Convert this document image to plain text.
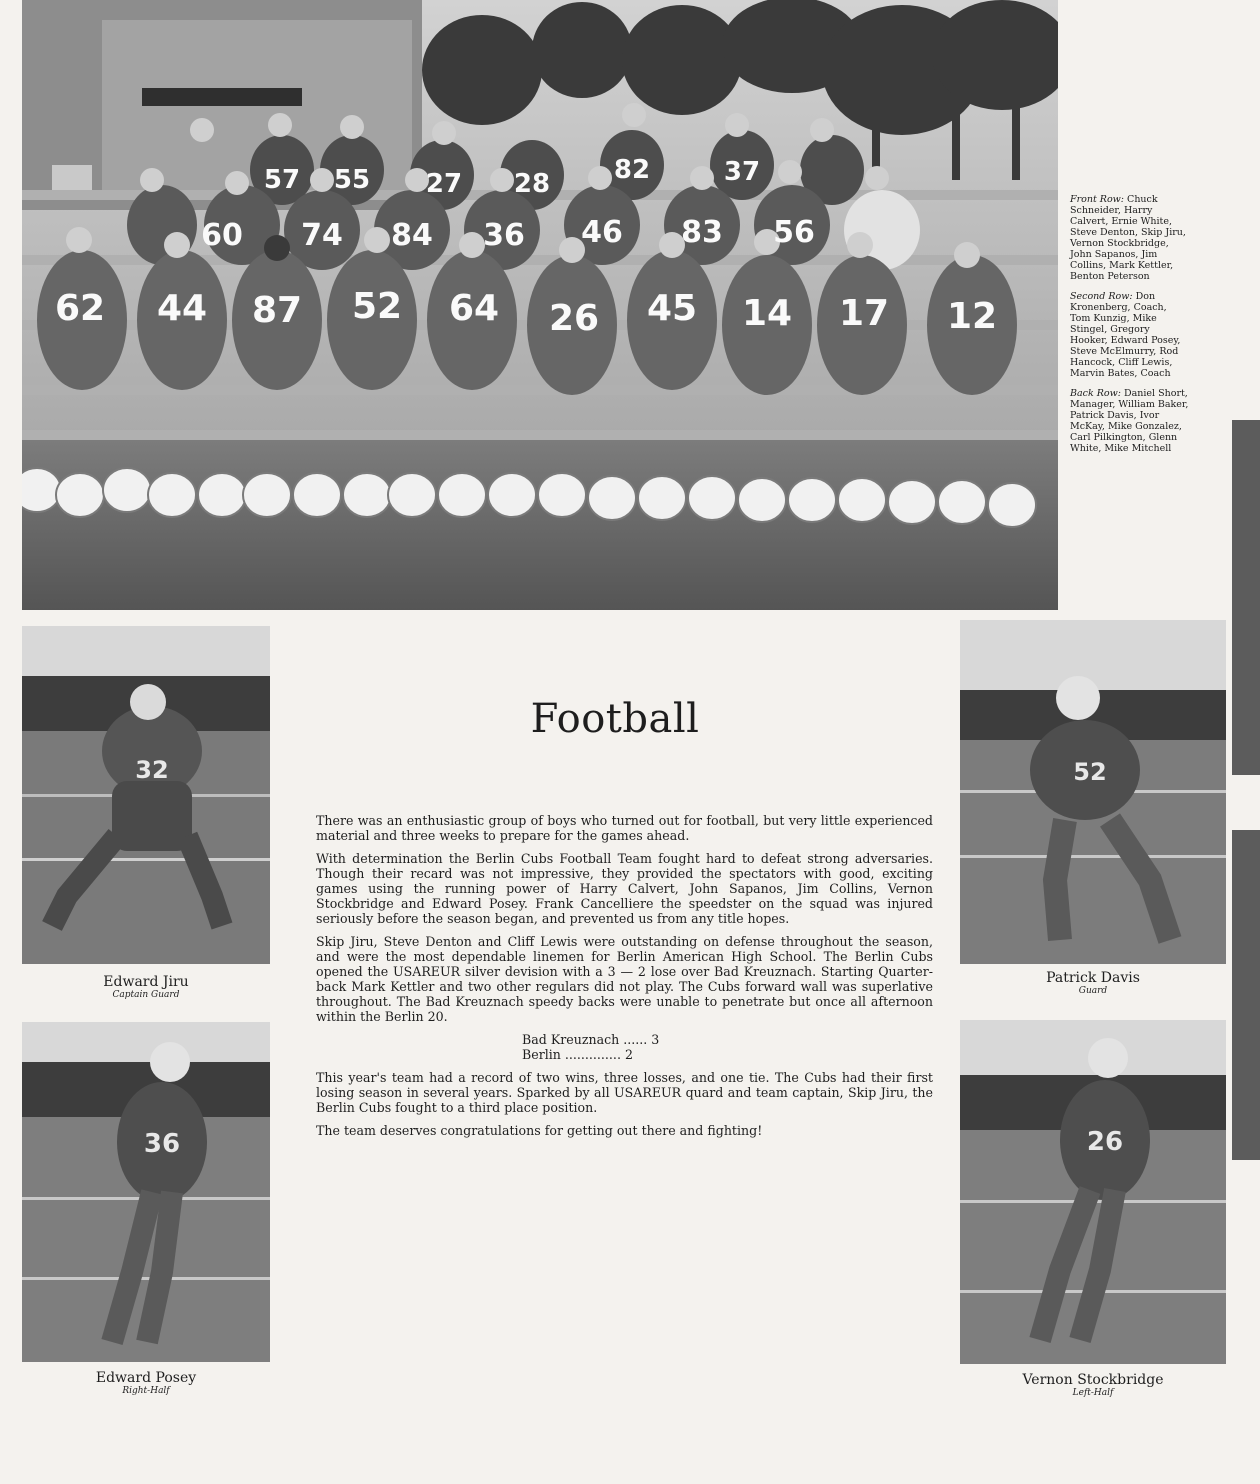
57 55 27 28 82	37
60 74 84 36 46 83 56
62 44 87 52 64 26 45 14 17 12

Front Row: Chuck Schneider, Harry Calvert, Ernie White, Steve Denton, Skip Jiru, Vernon Stockbridge, John Sapanos, Jim Collins, Mark Kettler, Benton Peterson

Second Row: Don Kronenberg, Coach, Tom Kunzig, Mike Stingel, Gregory Hooker, Edward Posey, Steve McElmurry, Rod Hancock, Cliff Lewis, Marvin Bates, Coach

Back Row: Daniel Short, Manager, William Baker, Patrick Davis, Ivor McKay, Mike Gonzalez, Carl Pilkington, Glenn White, Mike Mitchell

Football

There was an enthusiastic group of boys who turned out for football, but very little experienced material and three weeks to prepare for the games ahead.

With determination the Berlin Cubs Football Team fought hard to defeat strong adversaries. Though their recard was not impressive, they provided the spectators with good, exciting games using the running power of Harry Calvert, John Sapanos, Jim Collins, Vernon Stockbridge and Edward Posey. Frank Cancelliere the speedster on the squad was injured seriously before the season began, and prevented us from any title hopes.

Skip Jiru, Steve Denton and Cliff Lewis were outstanding on defense throughout the season, and were the most dependable linemen for Berlin American High School. The Berlin Cubs opened the USAREUR silver devision with a 3 — 2 lose over Bad Kreuznach. Starting Quarter-back Mark Kettler and two other regulars did not play. The Cubs forward wall was superlative throughout. The Bad Kreuznach speedy backs were unable to penetrate but once all afternoon within the Berlin 20.

Bad Kreuznach ...... 3
Berlin .............. 2

This year's team had a record of two wins, three losses, and one tie. The Cubs had their first losing season in several years. Sparked by all USAREUR quard and team captain, Skip Jiru, the Berlin Cubs fought to a third place position.

The team deserves congratulations for getting out there and fighting!

32
Edward Jiru
Captain Guard
36
Edward Posey
Right-Half
52
Patrick Davis
Guard
26
Vernon Stockbridge
Left-Half
